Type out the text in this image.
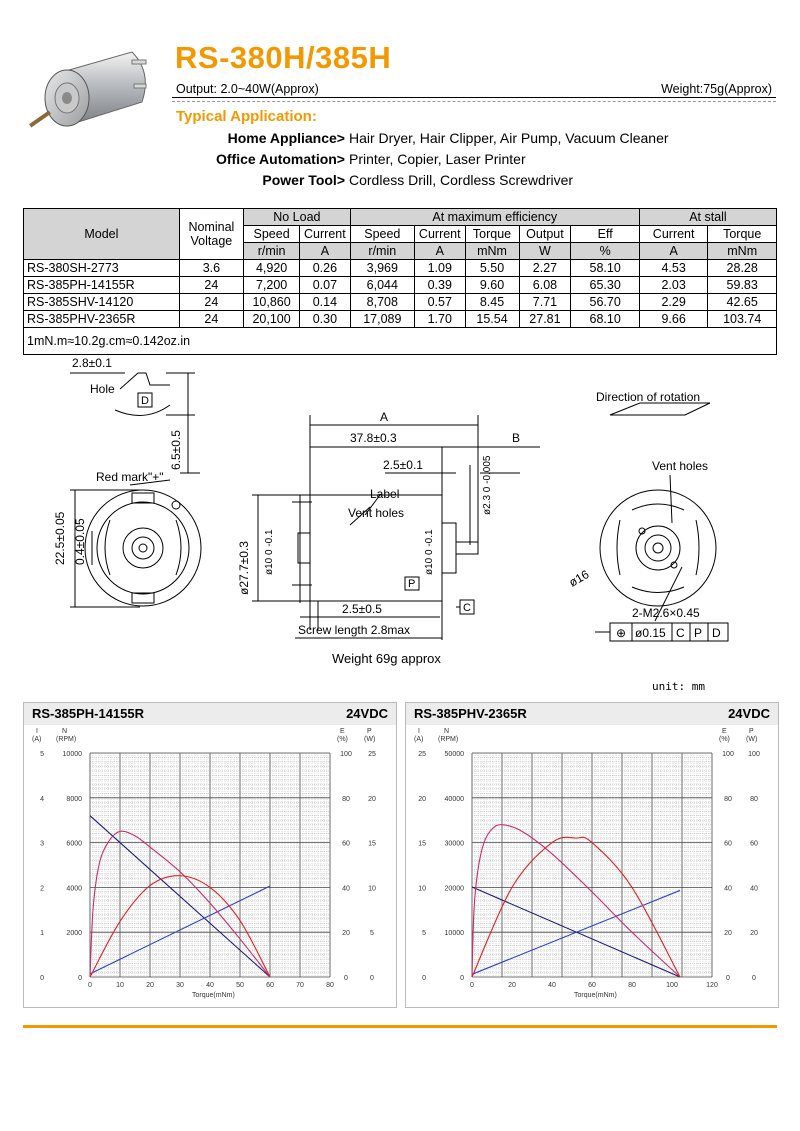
RS-380H/385H
Output: 2.0~40W(Approx)	Weight:75g(Approx)
Typical Application:
Home Appliance> Hair Dryer, Hair Clipper, Air Pump, Vacuum Cleaner
Office Automation> Printer, Copier, Laser Printer
Power Tool> Cordless Drill, Cordless Screwdriver
Model	Nominal Voltage	No Load		At maximum efficiency					At stall	
		Speed	Current	Speed	Current	Torque	Output	Eff	Current	Torque
		r/min	A	r/min	A	mNm	W	%	A	mNm
RS-380SH-2773	3.6	4,920	0.26	3,969	1.09	5.50	2.27	58.10	4.53	28.28
RS-385PH-14155R	24	7,200	0.07	6,044	0.39	9.60	6.08	65.30	2.03	59.83
RS-385SHV-14120	24	10,860	0.14	8,708	0.57	8.45	7.71	56.70	2.29	42.65
RS-385PHV-2365R	24	20,100	0.30	17,089	1.70	15.54	27.81	68.10	9.66	103.74
1mN.m≈10.2g.cm≈0.142oz.in										
2.8±0.1
D
Hole
6.5±0.5
Red mark"+"
22.5±0.05 0.4±0.05
A
37.8±0.3	B
2.5±0.1	ø2.3 0 -0.005
Label
Vent holes
ø27.7±0.3 ø10 0 -0.1	ø10 0 -0.1
P
2.5±0.5	C
Screw length 2.8max
Weight 69g approx
Direction of rotation
Vent holes
ø16
2-M2.6×0.45
⊕ ø0.15 C P D
unit: mm
RS-385PH-14155R	24VDC
I
(A)
N
(RPM)
E
(%)
P
(W)
Torque(mNm)
0	10	20	30	40	50	60	70	80
0
1
2
3
4
5
0
2000
4000
6000
8000
10000
0
20
40
60
80
100
0
5
10
15
20
25
RS-385PHV-2365R	24VDC
I
(A)
N
(RPM)
E
(%)
P
(W)
Torque(mNm)
0	20	40	60	80	100	120
0
5
10
15
20
25
0
10000
20000
30000
40000
50000
0
20
40
60
80
100
0
20
40
60
80
100
